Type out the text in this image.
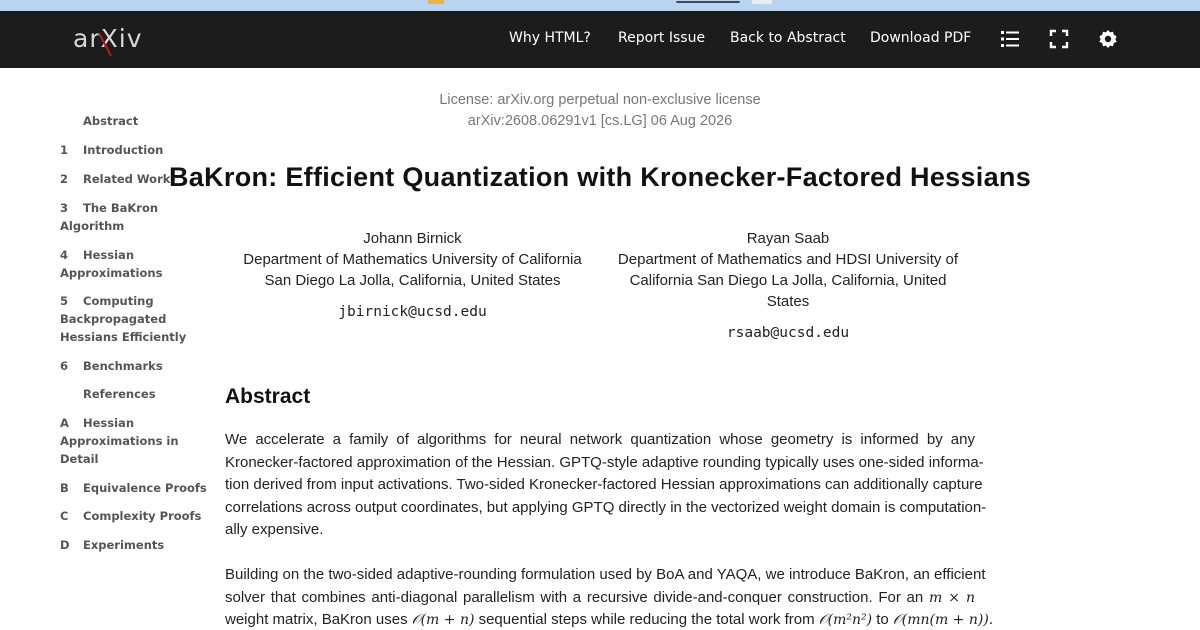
arXiv	Why HTML? Report Issue Back to Abstract Download PDF
Abstract
1	Introduction
2	Related Work
3	The BaKron Algorithm
4	Hessian Approximations
5	Computing Backpropagated Hessians Efficiently
6	Benchmarks
References
A	Hessian Approximations in Detail
B	Equivalence Proofs
C	Complexity Proofs
D	Experiments
License: arXiv.org perpetual non-exclusive license
arXiv:2608.06291v1 [cs.LG] 06 Aug 2026
BaKron: Efficient Quantization with Kronecker-Factored Hessians
Johann Birnick
Department of Mathematics University of California
San Diego La Jolla, California, United States
jbirnick@ucsd.edu
Rayan Saab
Department of Mathematics and HDSI University of
California San Diego La Jolla, California, United States
rsaab@ucsd.edu
Abstract
We accelerate a family of algorithms for neural network quantization whose geometry is informed by any
Kronecker-factored approximation of the Hessian. GPTQ-style adaptive rounding typically uses one-sided informa-
tion derived from input activations. Two-sided Kronecker-factored Hessian approximations can additionally capture
correlations across output coordinates, but applying GPTQ directly in the vectorized weight domain is computation-
ally expensive.
Building on the two-sided adaptive-rounding formulation used by BoA and YAQA, we introduce BaKron, an efficient
solver that combines anti-diagonal parallelism with a recursive divide-and-conquer construction. For an m × n
weight matrix, BaKron uses 𝒪(m + n) sequential steps while reducing the total work from 𝒪(m²n²) to 𝒪(mn(m + n)).
